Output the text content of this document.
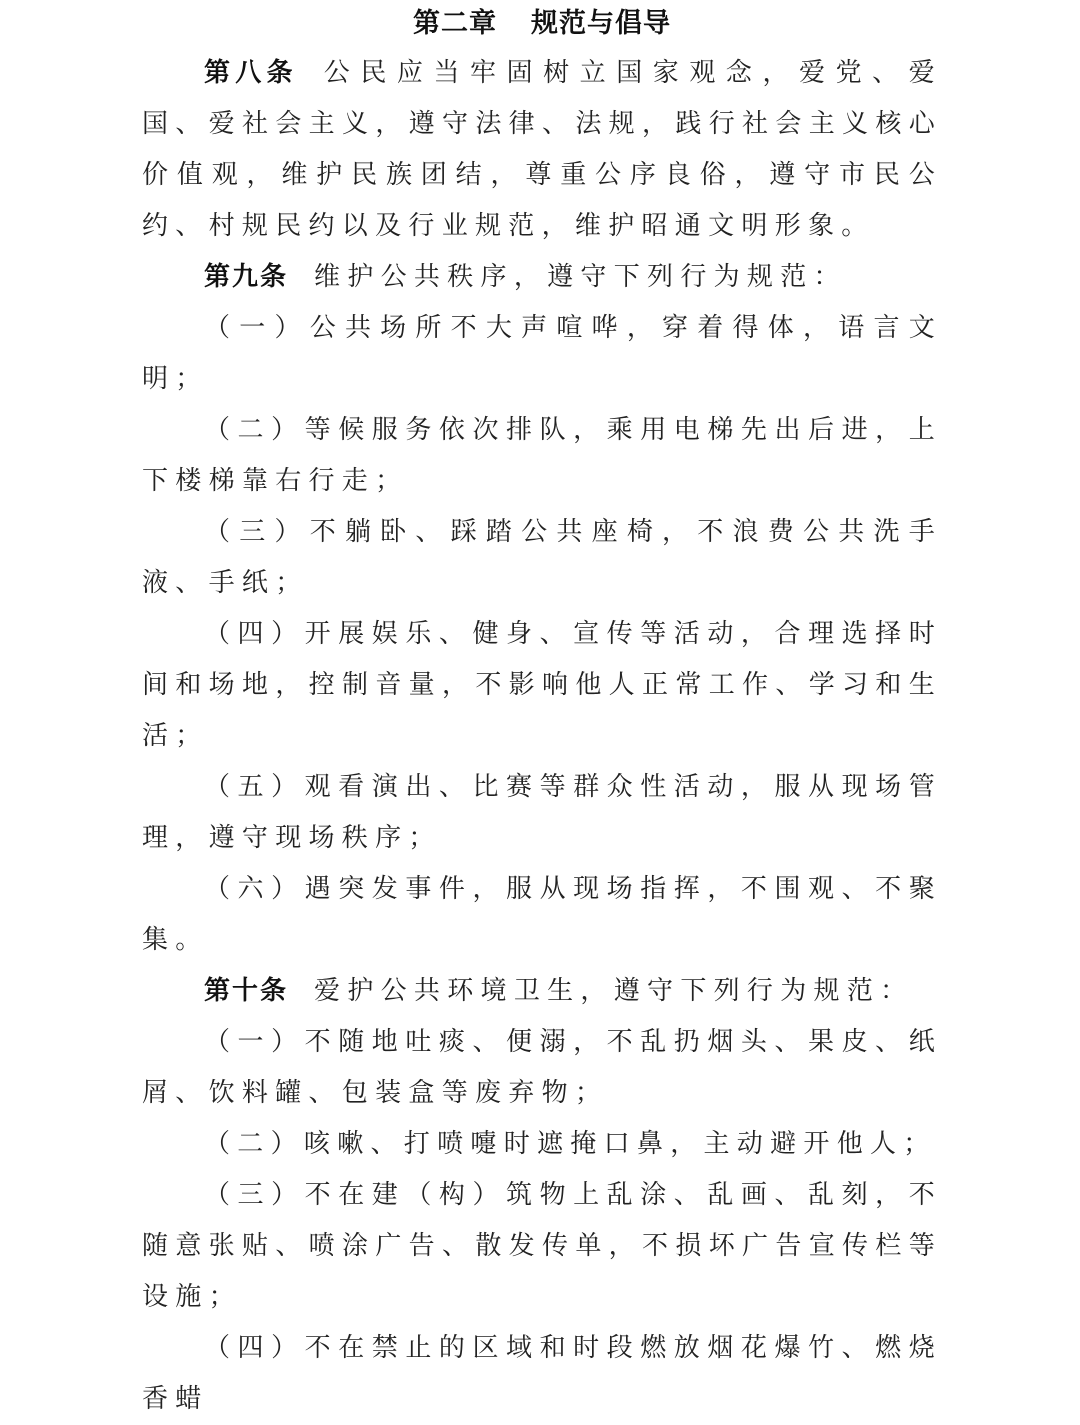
第二章 规范与倡导

第八条 公民应当牢固树立国家观念，爱党、爱国、爱社会主义，遵守法律、法规，践行社会主义核心价值观，维护民族团结，尊重公序良俗，遵守市民公约、村规民约以及行业规范，维护昭通文明形象。

第九条 维护公共秩序，遵守下列行为规范：

（一）公共场所不大声喧哗，穿着得体，语言文明；

（二）等候服务依次排队，乘用电梯先出后进，上下楼梯靠右行走；

（三）不躺卧、踩踏公共座椅，不浪费公共洗手液、手纸；

（四）开展娱乐、健身、宣传等活动，合理选择时间和场地，控制音量，不影响他人正常工作、学习和生活；

（五）观看演出、比赛等群众性活动，服从现场管理，遵守现场秩序；

（六）遇突发事件，服从现场指挥，不围观、不聚集。

第十条 爱护公共环境卫生，遵守下列行为规范：

（一）不随地吐痰、便溺，不乱扔烟头、果皮、纸屑、饮料罐、包装盒等废弃物；

（二）咳嗽、打喷嚏时遮掩口鼻，主动避开他人；

（三）不在建（构）筑物上乱涂、乱画、乱刻，不随意张贴、喷涂广告、散发传单，不损坏广告宣传栏等设施；

（四）不在禁止的区域和时段燃放烟花爆竹、燃烧香蜡
